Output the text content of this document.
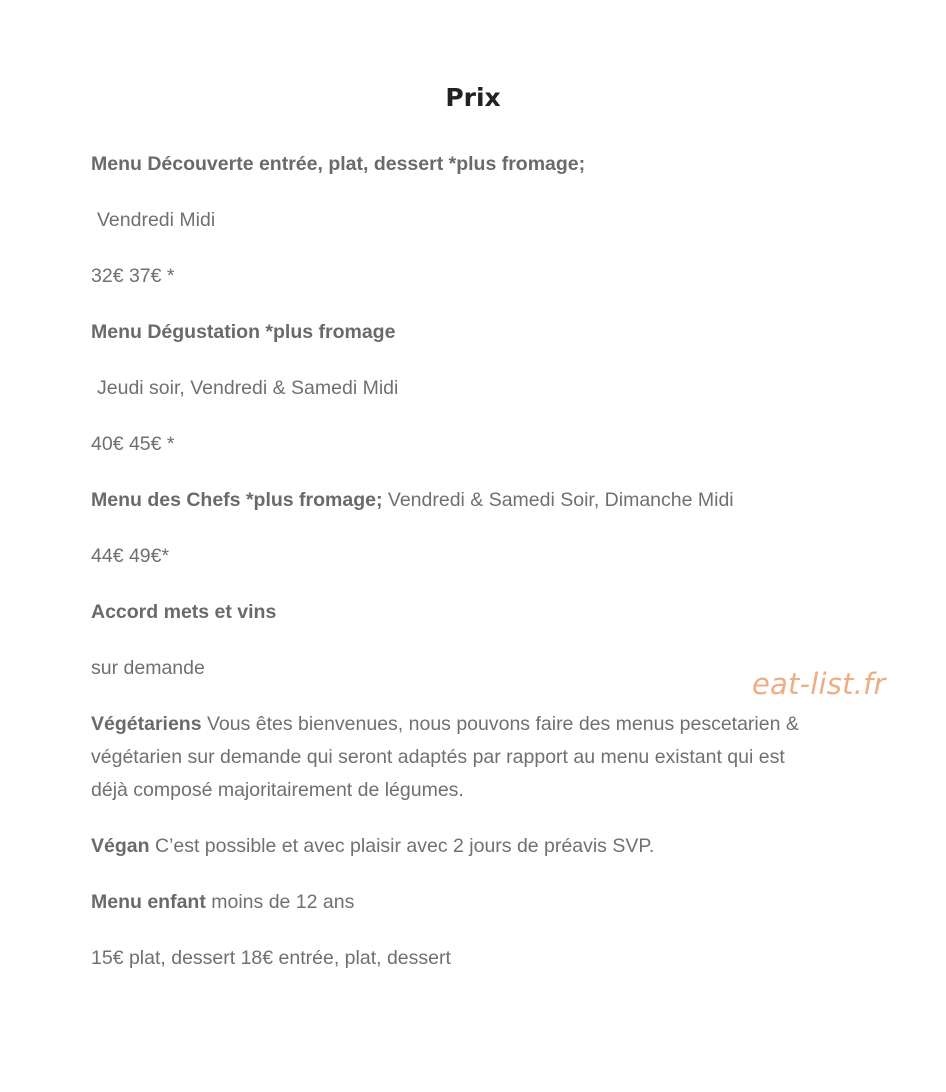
Prix

Menu Découverte entrée, plat, dessert *plus fromage;

Vendredi Midi

32€ 37€ *

Menu Dégustation *plus fromage

Jeudi soir, Vendredi & Samedi Midi

40€ 45€ *

Menu des Chefs *plus fromage; Vendredi & Samedi Soir, Dimanche Midi

44€ 49€*

Accord mets et vins

sur demande

Végétariens Vous êtes bienvenues, nous pouvons faire des menus pescetarien & végétarien sur demande qui seront adaptés par rapport au menu existant qui est déjà composé majoritairement de légumes.

Végan C’est possible et avec plaisir avec 2 jours de préavis SVP.

Menu enfant moins de 12 ans

15€ plat, dessert 18€ entrée, plat, dessert

eat-list.fr
